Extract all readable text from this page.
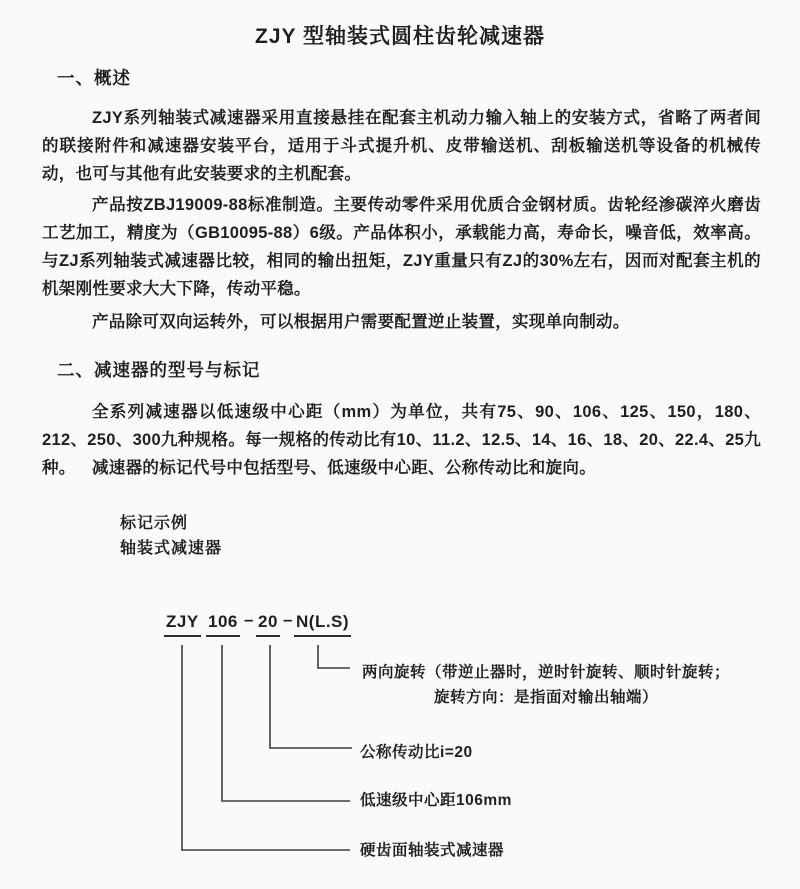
ZJY 型轴装式圆柱齿轮减速器
一、概述
ZJY系列轴装式减速器采用直接悬挂在配套主机动力输入轴上的安装方式，省略了两者间的联接附件和减速器安装平台，适用于斗式提升机、皮带输送机、刮板输送机等设备的机械传动，也可与其他有此安装要求的主机配套。
产品按ZBJ19009-88标准制造。主要传动零件采用优质合金钢材质。齿轮经渗碳淬火磨齿工艺加工，精度为（GB10095-88）6级。产品体积小，承载能力高，寿命长，噪音低，效率高。与ZJ系列轴装式减速器比较，相同的输出扭矩，ZJY重量只有ZJ的30%左右，因而对配套主机的机架刚性要求大大下降，传动平稳。
产品除可双向运转外，可以根据用户需要配置逆止装置，实现单向制动。
二、减速器的型号与标记
全系列减速器以低速级中心距（mm）为单位，共有75、90、106、125、150，180、212、250、300九种规格。每一规格的传动比有10、11.2、12.5、14、16、18、20、22.4、25九种。 减速器的标记代号中包括型号、低速级中心距、公称传动比和旋向。
标记示例
轴装式减速器
ZJY 106 – 20 – N(L.S)
两向旋转（带逆止器时，逆时针旋转、顺时针旋转；
旋转方向：是指面对输出轴端）
公称传动比i=20
低速级中心距106mm
硬齿面轴装式减速器
